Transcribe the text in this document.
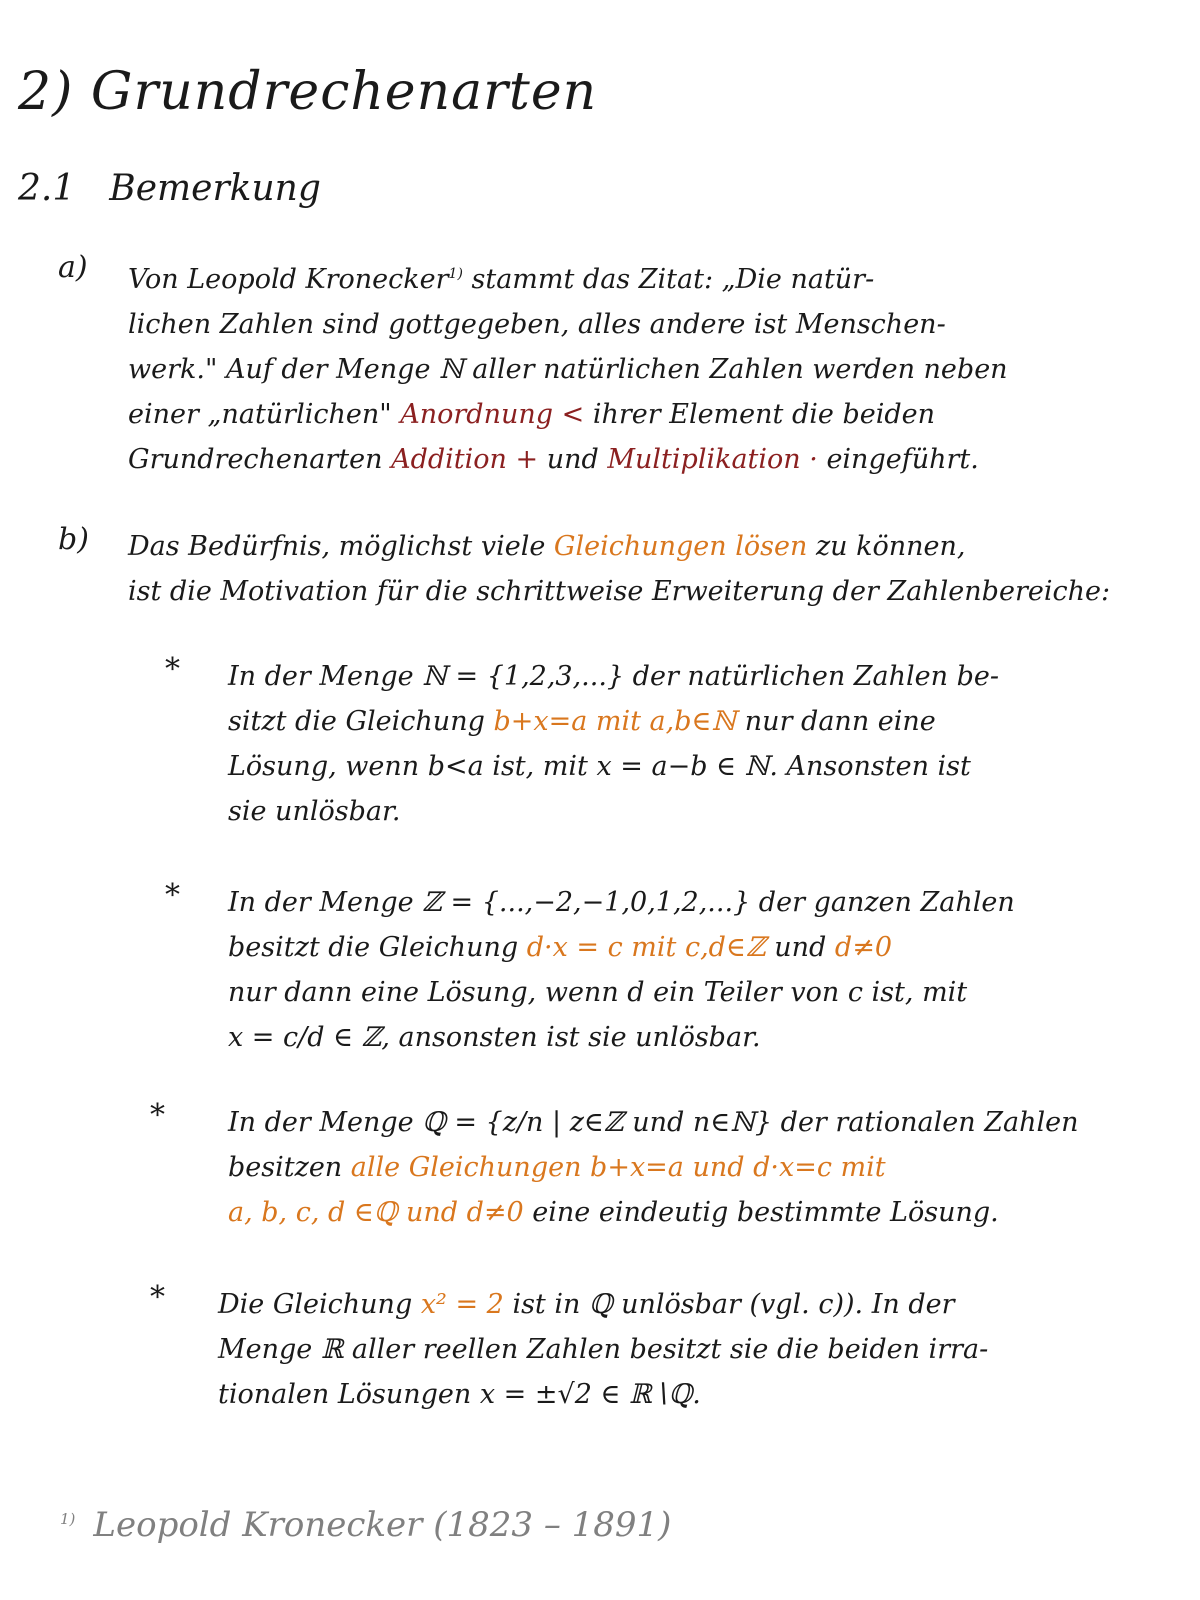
2) Grundrechenarten
2.1 Bemerkung
a) Von Leopold Kronecker$^{1)}$ stammt das Zitat: „Die natür-
lichen Zahlen sind gottgegeben, alles andere ist Menschen-
werk." Auf der Menge ℕ aller natürlichen Zahlen werden neben
einer „natürlichen" Anordnung < ihrer Element die beiden
Grundrechenarten Addition + und Multiplikation · eingeführt.
b) Das Bedürfnis, möglichst viele Gleichungen lösen zu können,
ist die Motivation für die schrittweise Erweiterung der Zahlenbereiche:
* In der Menge ℕ = {1,2,3,...} der natürlichen Zahlen be-
sitzt die Gleichung b+x=a mit a,b∈ℕ nur dann eine
Lösung, wenn b<a ist, mit x = a−b ∈ ℕ. Ansonsten ist
sie unlösbar.
* In der Menge ℤ = {...,−2,−1,0,1,2,...} der ganzen Zahlen
besitzt die Gleichung d·x = c mit c,d∈ℤ und d≠0
nur dann eine Lösung, wenn d ein Teiler von c ist, mit
x = c/d ∈ ℤ, ansonsten ist sie unlösbar.
* In der Menge ℚ = {z/n | z∈ℤ und n∈ℕ} der rationalen Zahlen
besitzen alle Gleichungen b+x=a und d·x=c mit
a, b, c, d ∈ℚ und d≠0 eine eindeutig bestimmte Lösung.
* Die Gleichung x² = 2 ist in ℚ unlösbar (vgl. c)). In der
Menge ℝ aller reellen Zahlen besitzt sie die beiden irra-
tionalen Lösungen x = ±√2 ∈ ℝ∖ℚ.
$^{1)}$ Leopold Kronecker (1823 – 1891)
